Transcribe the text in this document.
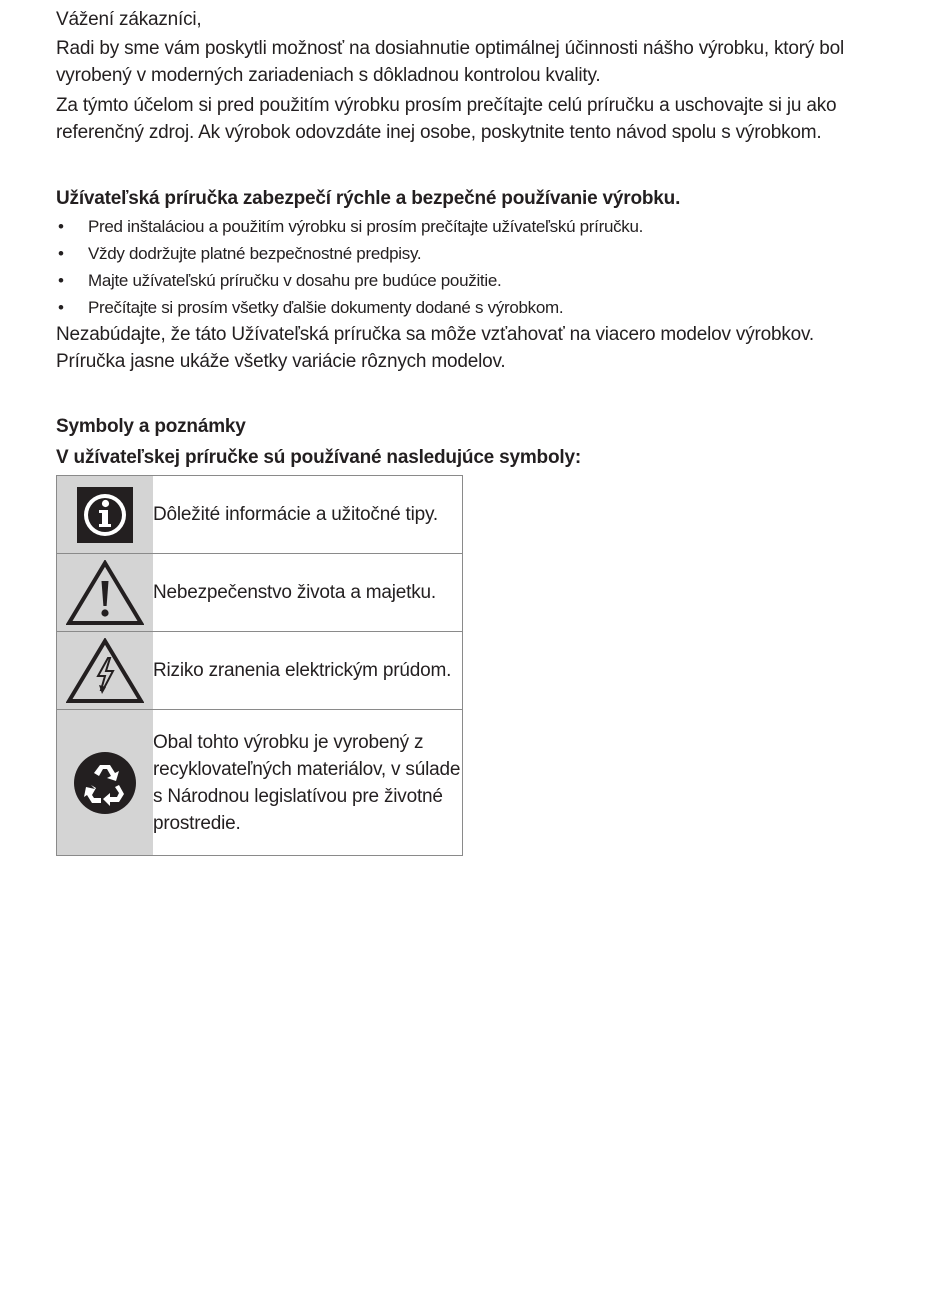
Vážení zákazníci,

Radi by sme vám poskytli možnosť na dosiahnutie optimálnej účinnosti nášho výrobku, ktorý bol vyrobený v moderných zariadeniach s dôkladnou kontrolou kvality.

Za týmto účelom si pred použitím výrobku prosím prečítajte celú príručku a uschovajte si ju ako referenčný zdroj. Ak výrobok odovzdáte inej osobe, poskytnite tento návod spolu s výrobkom.

Užívateľská príručka zabezpečí rýchle a bezpečné používanie výrobku.
• Pred inštaláciou a použitím výrobku si prosím prečítajte užívateľskú príručku.
• Vždy dodržujte platné bezpečnostné predpisy.
• Majte užívateľskú príručku v dosahu pre budúce použitie.
• Prečítajte si prosím všetky ďalšie dokumenty dodané s výrobkom.

Nezabúdajte, že táto Užívateľská príručka sa môže vzťahovať na viacero modelov výrobkov. Príručka jasne ukáže všetky variácie rôznych modelov.

Symboly a poznámky
V užívateľskej príručke sú používané nasledujúce symboly:
	Dôležité informácie a užitočné tipy.

	Nebezpečenstvo života a majetku.

	Riziko zranenia elektrickým prúdom.

	Obal tohto výrobku je vyrobený z recyklovateľných materiálov, v súlade s Národnou legislatívou pre životné prostredie.
